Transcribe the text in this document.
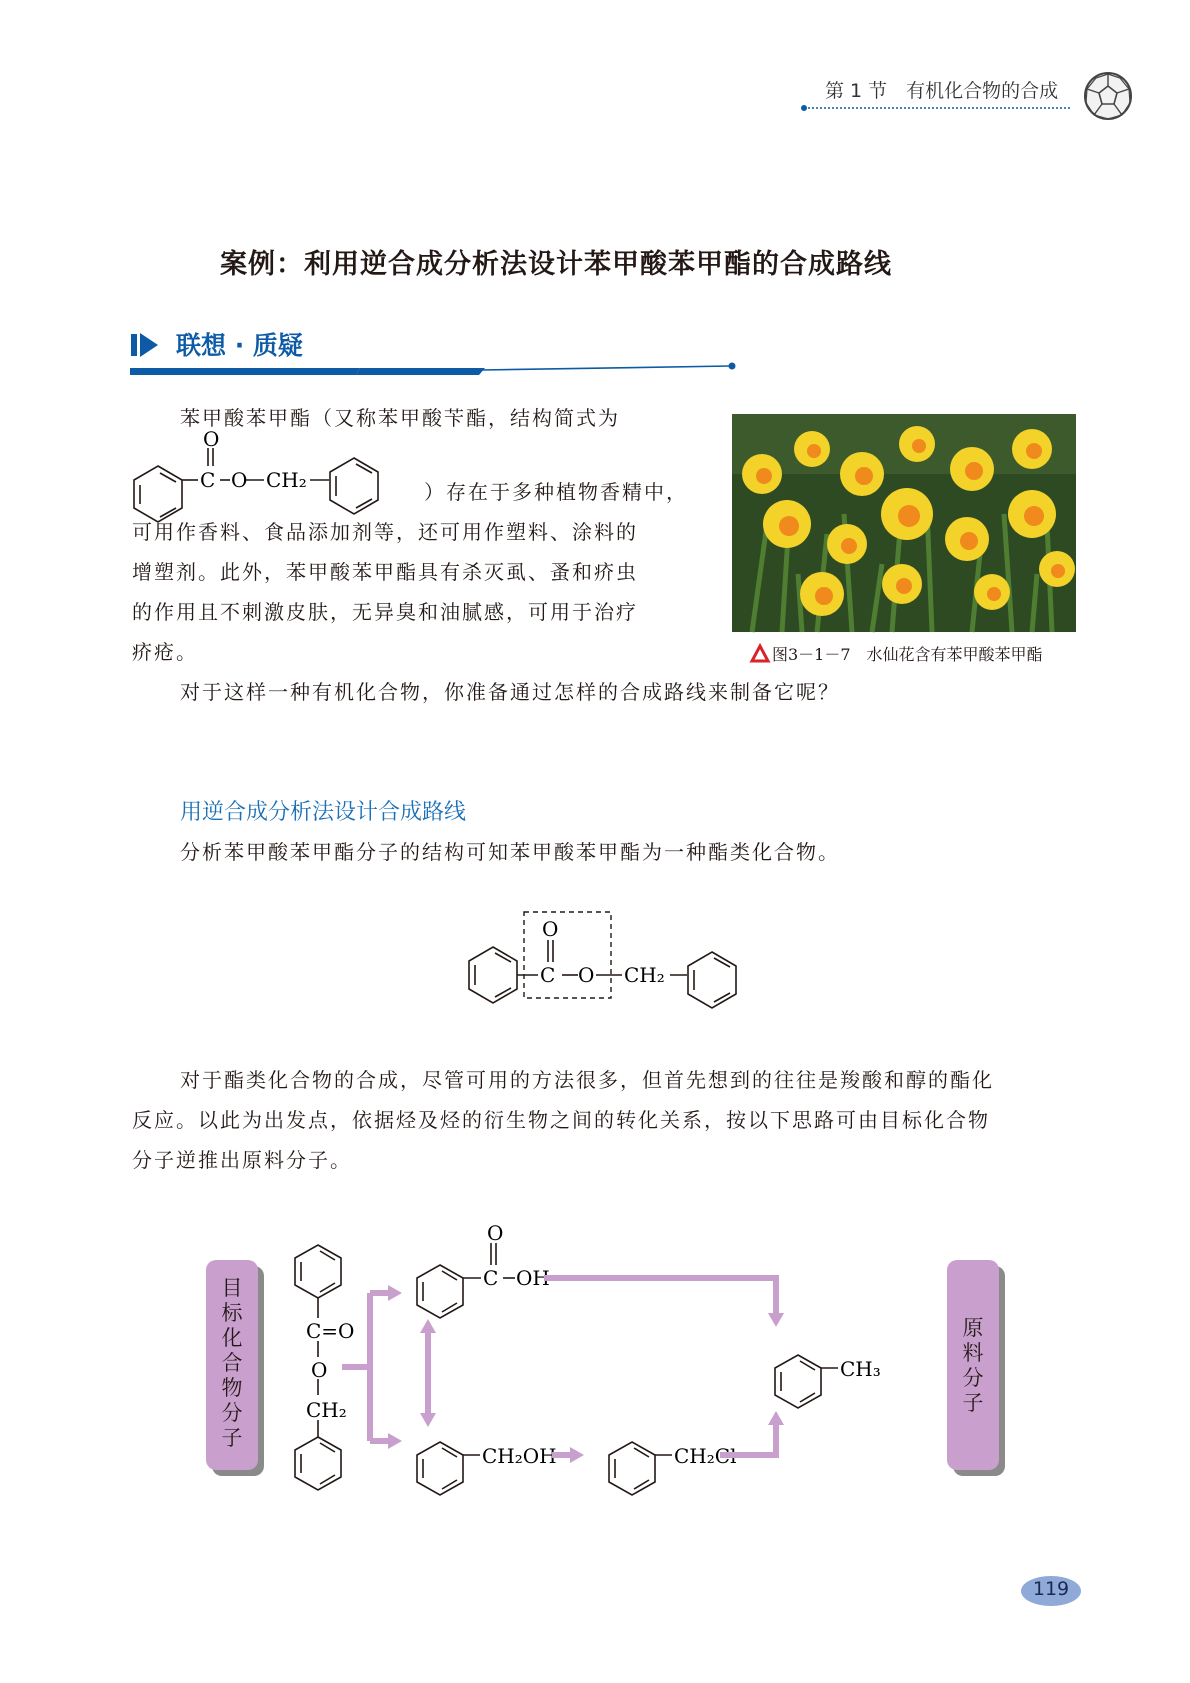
第 1 节　有机化合物的合成
案例：利用逆合成分析法设计苯甲酸苯甲酯的合成路线
联想 · 质疑
苯甲酸苯甲酯（又称苯甲酸苄酯，结构简式为
O
C O CH₂	）存在于多种植物香精中，
可用作香料、食品添加剂等，还可用作塑料、涂料的
增塑剂。此外，苯甲酸苯甲酯具有杀灭虱、蚤和疥虫
的作用且不刺激皮肤，无异臭和油腻感，可用于治疗
疥疮。
对于这样一种有机化合物，你准备通过怎样的合成路线来制备它呢？
图3－1－7　水仙花含有苯甲酸苯甲酯
用逆合成分析法设计合成路线
分析苯甲酸苯甲酯分子的结构可知苯甲酸苯甲酯为一种酯类化合物。
O
C O CH₂
对于酯类化合物的合成，尽管可用的方法很多，但首先想到的往往是羧酸和醇的酯化
反应。以此为出发点，依据烃及烃的衍生物之间的转化关系，按以下思路可由目标化合物
分子逆推出原料分子。
目
标
化
合
物
分
子
原
料
分
子
C=O
O
CH₂
O
C OH
CH₂OH	CH₂Cl
CH₃
119
